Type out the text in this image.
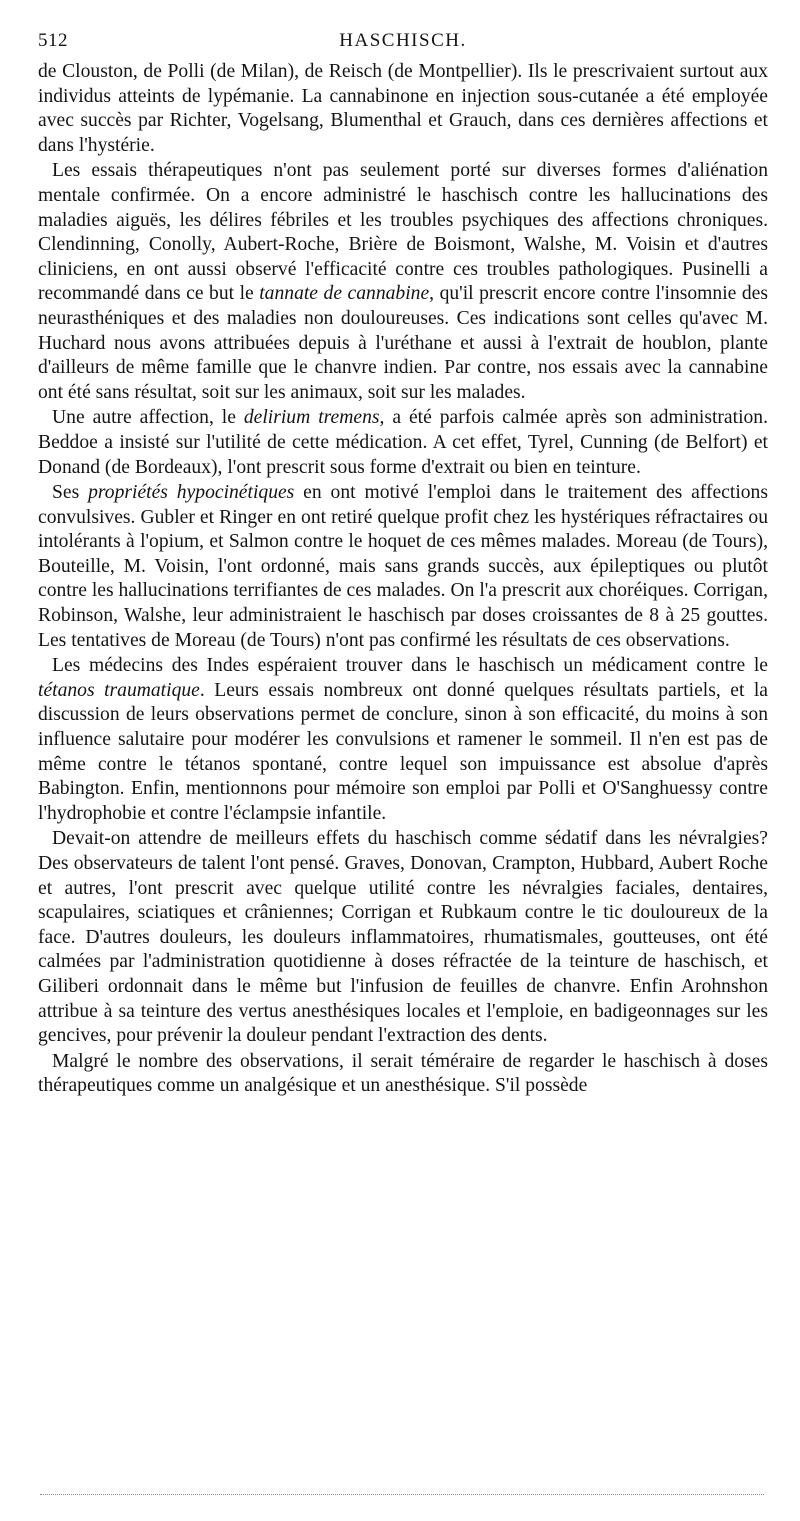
512	HASCHISCH.

de Clouston, de Polli (de Milan), de Reisch (de Montpellier). Ils le prescrivaient surtout aux individus atteints de lypémanie. La cannabinone en injection sous-cutanée a été employée avec succès par Richter, Vogelsang, Blumenthal et Grauch, dans ces dernières affections et dans l'hystérie.

Les essais thérapeutiques n'ont pas seulement porté sur diverses formes d'aliénation mentale confirmée. On a encore administré le haschisch contre les hallucinations des maladies aiguës, les délires fébriles et les troubles psychiques des affections chroniques. Clendinning, Conolly, Aubert-Roche, Brière de Boismont, Walshe, M. Voisin et d'autres cliniciens, en ont aussi observé l'efficacité contre ces troubles pathologiques. Pusinelli a recommandé dans ce but le tannate de cannabine, qu'il prescrit encore contre l'insomnie des neurasthéniques et des maladies non douloureuses. Ces indications sont celles qu'avec M. Huchard nous avons attribuées depuis à l'uréthane et aussi à l'extrait de houblon, plante d'ailleurs de même famille que le chanvre indien. Par contre, nos essais avec la cannabine ont été sans résultat, soit sur les animaux, soit sur les malades.

Une autre affection, le delirium tremens, a été parfois calmée après son administration. Beddoe a insisté sur l'utilité de cette médication. A cet effet, Tyrel, Cunning (de Belfort) et Donand (de Bordeaux), l'ont prescrit sous forme d'extrait ou bien en teinture.

Ses propriétés hypocinétiques en ont motivé l'emploi dans le traitement des affections convulsives. Gubler et Ringer en ont retiré quelque profit chez les hystériques réfractaires ou intolérants à l'opium, et Salmon contre le hoquet de ces mêmes malades. Moreau (de Tours), Bouteille, M. Voisin, l'ont ordonné, mais sans grands succès, aux épileptiques ou plutôt contre les hallucinations terrifiantes de ces malades. On l'a prescrit aux choréiques. Corrigan, Robinson, Walshe, leur administraient le haschisch par doses croissantes de 8 à 25 gouttes. Les tentatives de Moreau (de Tours) n'ont pas confirmé les résultats de ces observations.

Les médecins des Indes espéraient trouver dans le haschisch un médicament contre le tétanos traumatique. Leurs essais nombreux ont donné quelques résultats partiels, et la discussion de leurs observations permet de conclure, sinon à son efficacité, du moins à son influence salutaire pour modérer les convulsions et ramener le sommeil. Il n'en est pas de même contre le tétanos spontané, contre lequel son impuissance est absolue d'après Babington. Enfin, mentionnons pour mémoire son emploi par Polli et O'Sanghuessy contre l'hydrophobie et contre l'éclampsie infantile.

Devait-on attendre de meilleurs effets du haschisch comme sédatif dans les névralgies? Des observateurs de talent l'ont pensé. Graves, Donovan, Crampton, Hubbard, Aubert Roche et autres, l'ont prescrit avec quelque utilité contre les névralgies faciales, dentaires, scapulaires, sciatiques et crâniennes; Corrigan et Rubkaum contre le tic douloureux de la face. D'autres douleurs, les douleurs inflammatoires, rhumatismales, goutteuses, ont été calmées par l'administration quotidienne à doses réfractée de la teinture de haschisch, et Giliberi ordonnait dans le même but l'infusion de feuilles de chanvre. Enfin Arohnshon attribue à sa teinture des vertus anesthésiques locales et l'emploie, en badigeonnages sur les gencives, pour prévenir la douleur pendant l'extraction des dents.

Malgré le nombre des observations, il serait téméraire de regarder le haschisch à doses thérapeutiques comme un analgésique et un anesthésique. S'il possède
